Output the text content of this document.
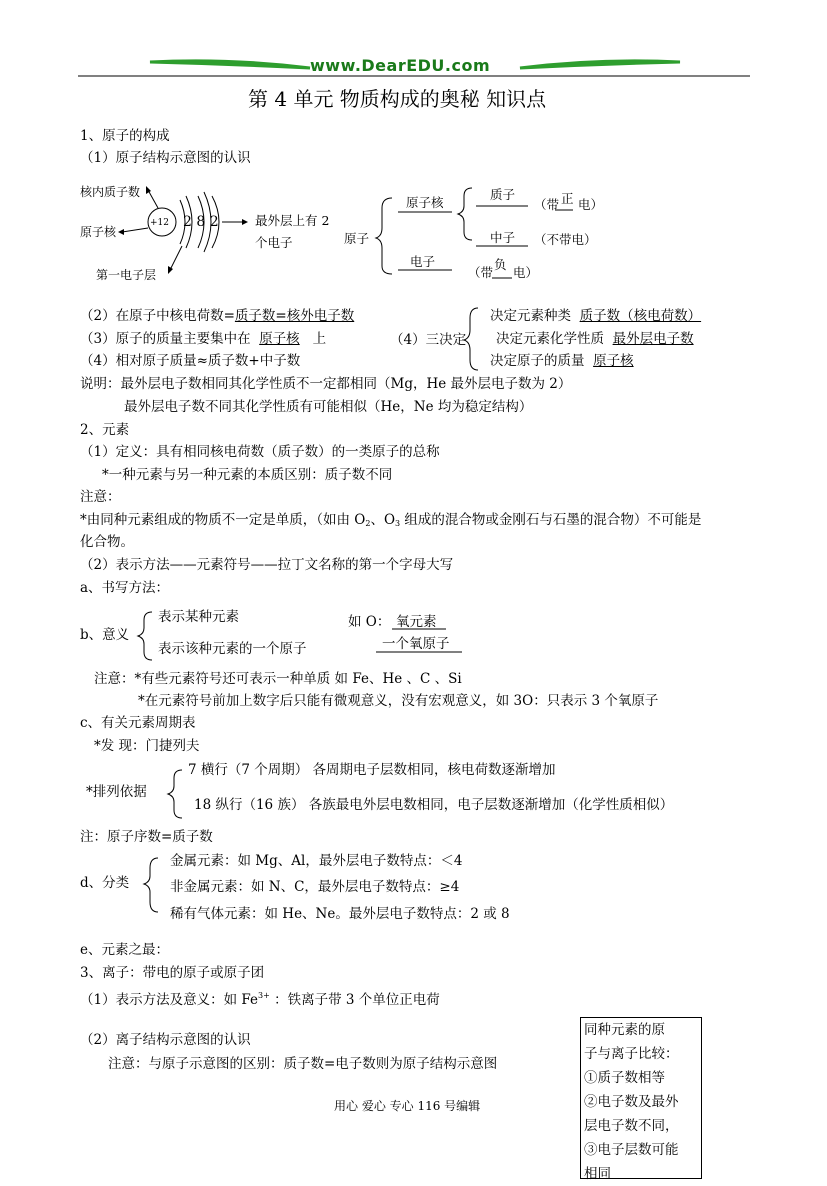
www.DearEDU.com
第 4 单元 物质构成的奥秘 知识点
1、原子的构成
（1）原子结构示意图的认识
核内质子数
原子核
第一电子层
+12 2 8 2	最外层上有 2
个电子	原子
原子核
质子
（带 正 电）
中子 （不带电）
电子
（带
负
电）
（2）在原子中核电荷数=质子数=核外电子数
（3）原子的质量主要集中在 原子核 上
（4）相对原子质量≈质子数+中子数
（4）三决定
决定元素种类 质子数（核电荷数）
决定元素化学性质 最外层电子数
决定原子的质量 原子核
说明：最外层电子数相同其化学性质不一定都相同（Mg，He 最外层电子数为 2）
最外层电子数不同其化学性质有可能相似（He，Ne 均为稳定结构）
2、元素
（1）定义：具有相同核电荷数（质子数）的一类原子的总称
*一种元素与另一种元素的本质区别：质子数不同
注意：
*由同种元素组成的物质不一定是单质，（如由 $O_2$、$O_3$ 组成的混合物或金刚石与石墨的混合物）不可能是
化合物。
（2）表示方法——元素符号——拉丁文名称的第一个字母大写
a、书写方法：
b、意义
表示某种元素
表示该种元素的一个原子
如 O： 氧元素
一个氧原子
注意：*有些元素符号还可表示一种单质 如 Fe、He 、C 、Si
*在元素符号前加上数字后只能有微观意义，没有宏观意义，如 3O：只表示 3 个氧原子
c、有关元素周期表
*发 现：门捷列夫
*排列依据
7 横行（7 个周期） 各周期电子层数相同，核电荷数逐渐增加
18 纵行（16 族） 各族最电外层电数相同，电子层数逐渐增加（化学性质相似）
注：原子序数=质子数
d、分类
金属元素：如 Mg、Al，最外层电子数特点：＜4
非金属元素：如 N、C，最外层电子数特点：≥4
稀有气体元素：如 He、Ne。最外层电子数特点：2 或 8
e、元素之最：
3、离子：带电的原子或原子团
（1）表示方法及意义：如 $Fe^{3+}$ ：铁离子带 3 个单位正电荷
（2）离子结构示意图的认识
注意：与原子示意图的区别：质子数=电子数则为原子结构示意图
同种元素的原
子与离子比较：
①质子数相等
②电子数及最外
层电子数不同，
③电子层数可能
相同
用心 爱心 专心 116 号编辑
